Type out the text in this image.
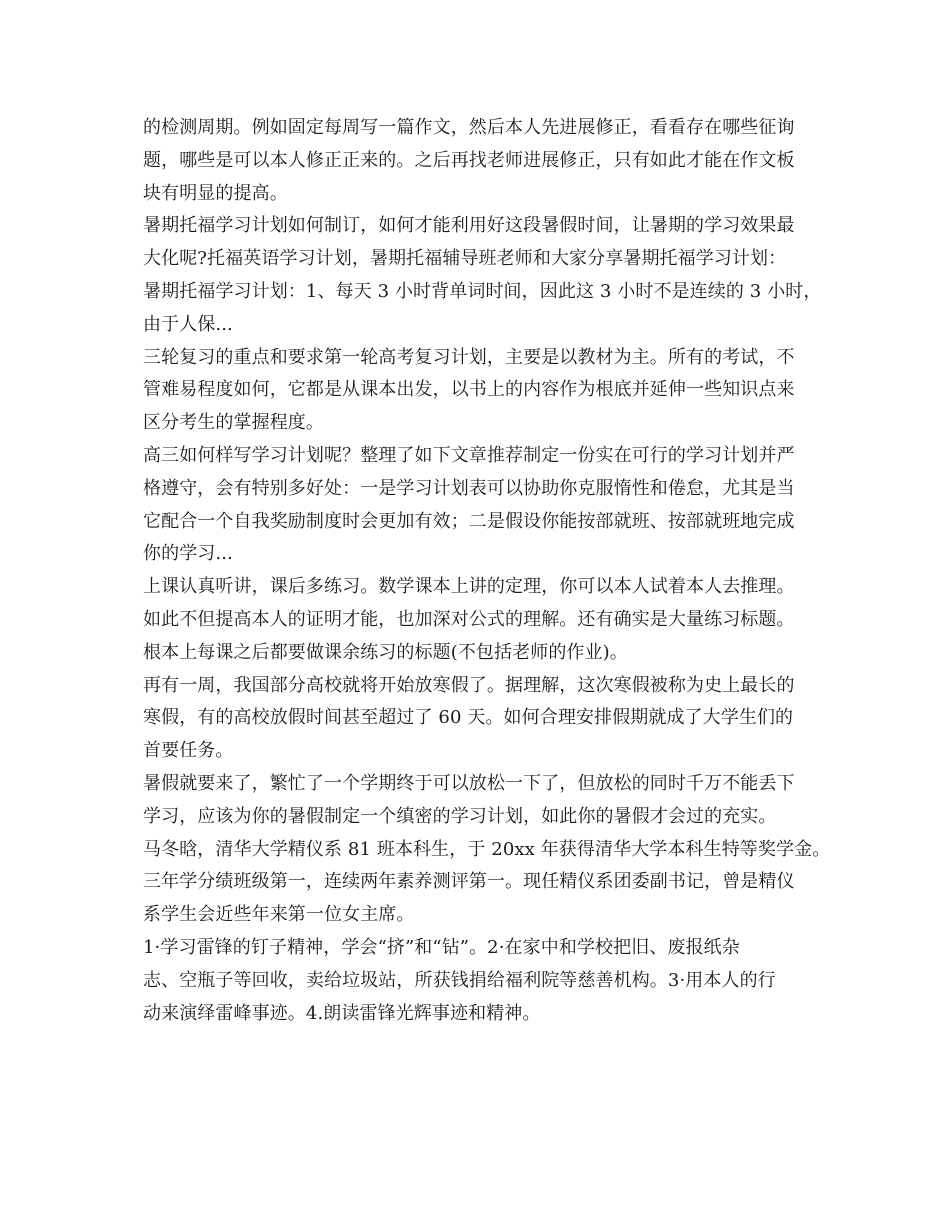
的检测周期。例如固定每周写一篇作文，然后本人先进展修正，看看存在哪些征询
题，哪些是可以本人修正正来的。之后再找老师进展修正，只有如此才能在作文板
块有明显的提高。
暑期托福学习计划如何制订，如何才能利用好这段暑假时间，让暑期的学习效果最
大化呢?托福英语学习计划，暑期托福辅导班老师和大家分享暑期托福学习计划：
暑期托福学习计划：1、每天 3 小时背单词时间，因此这 3 小时不是连续的 3 小时，
由于人保...
三轮复习的重点和要求第一轮高考复习计划，主要是以教材为主。所有的考试，不
管难易程度如何，它都是从课本出发，以书上的内容作为根底并延伸一些知识点来
区分考生的掌握程度。
高三如何样写学习计划呢？整理了如下文章推荐制定一份实在可行的学习计划并严
格遵守，会有特别多好处：一是学习计划表可以协助你克服惰性和倦怠，尤其是当
它配合一个自我奖励制度时会更加有效；二是假设你能按部就班、按部就班地完成
你的学习...
上课认真听讲，课后多练习。数学课本上讲的定理，你可以本人试着本人去推理。
如此不但提高本人的证明才能，也加深对公式的理解。还有确实是大量练习标题。
根本上每课之后都要做课余练习的标题(不包括老师的作业)。
再有一周，我国部分高校就将开始放寒假了。据理解，这次寒假被称为史上最长的
寒假，有的高校放假时间甚至超过了 60 天。如何合理安排假期就成了大学生们的
首要任务。
暑假就要来了，繁忙了一个学期终于可以放松一下了，但放松的同时千万不能丢下
学习，应该为你的暑假制定一个缜密的学习计划，如此你的暑假才会过的充实。
马冬晗，清华大学精仪系 81 班本科生，于 20xx 年获得清华大学本科生特等奖学金。
三年学分绩班级第一，连续两年素养测评第一。现任精仪系团委副书记，曾是精仪
系学生会近些年来第一位女主席。
1·学习雷锋的钉子精神，学会“挤”和“钻”。2·在家中和学校把旧、废报纸杂
志、空瓶子等回收，卖给垃圾站，所获钱捐给福利院等慈善机构。3·用本人的行
动来演绎雷峰事迹。4.朗读雷锋光辉事迹和精神。
